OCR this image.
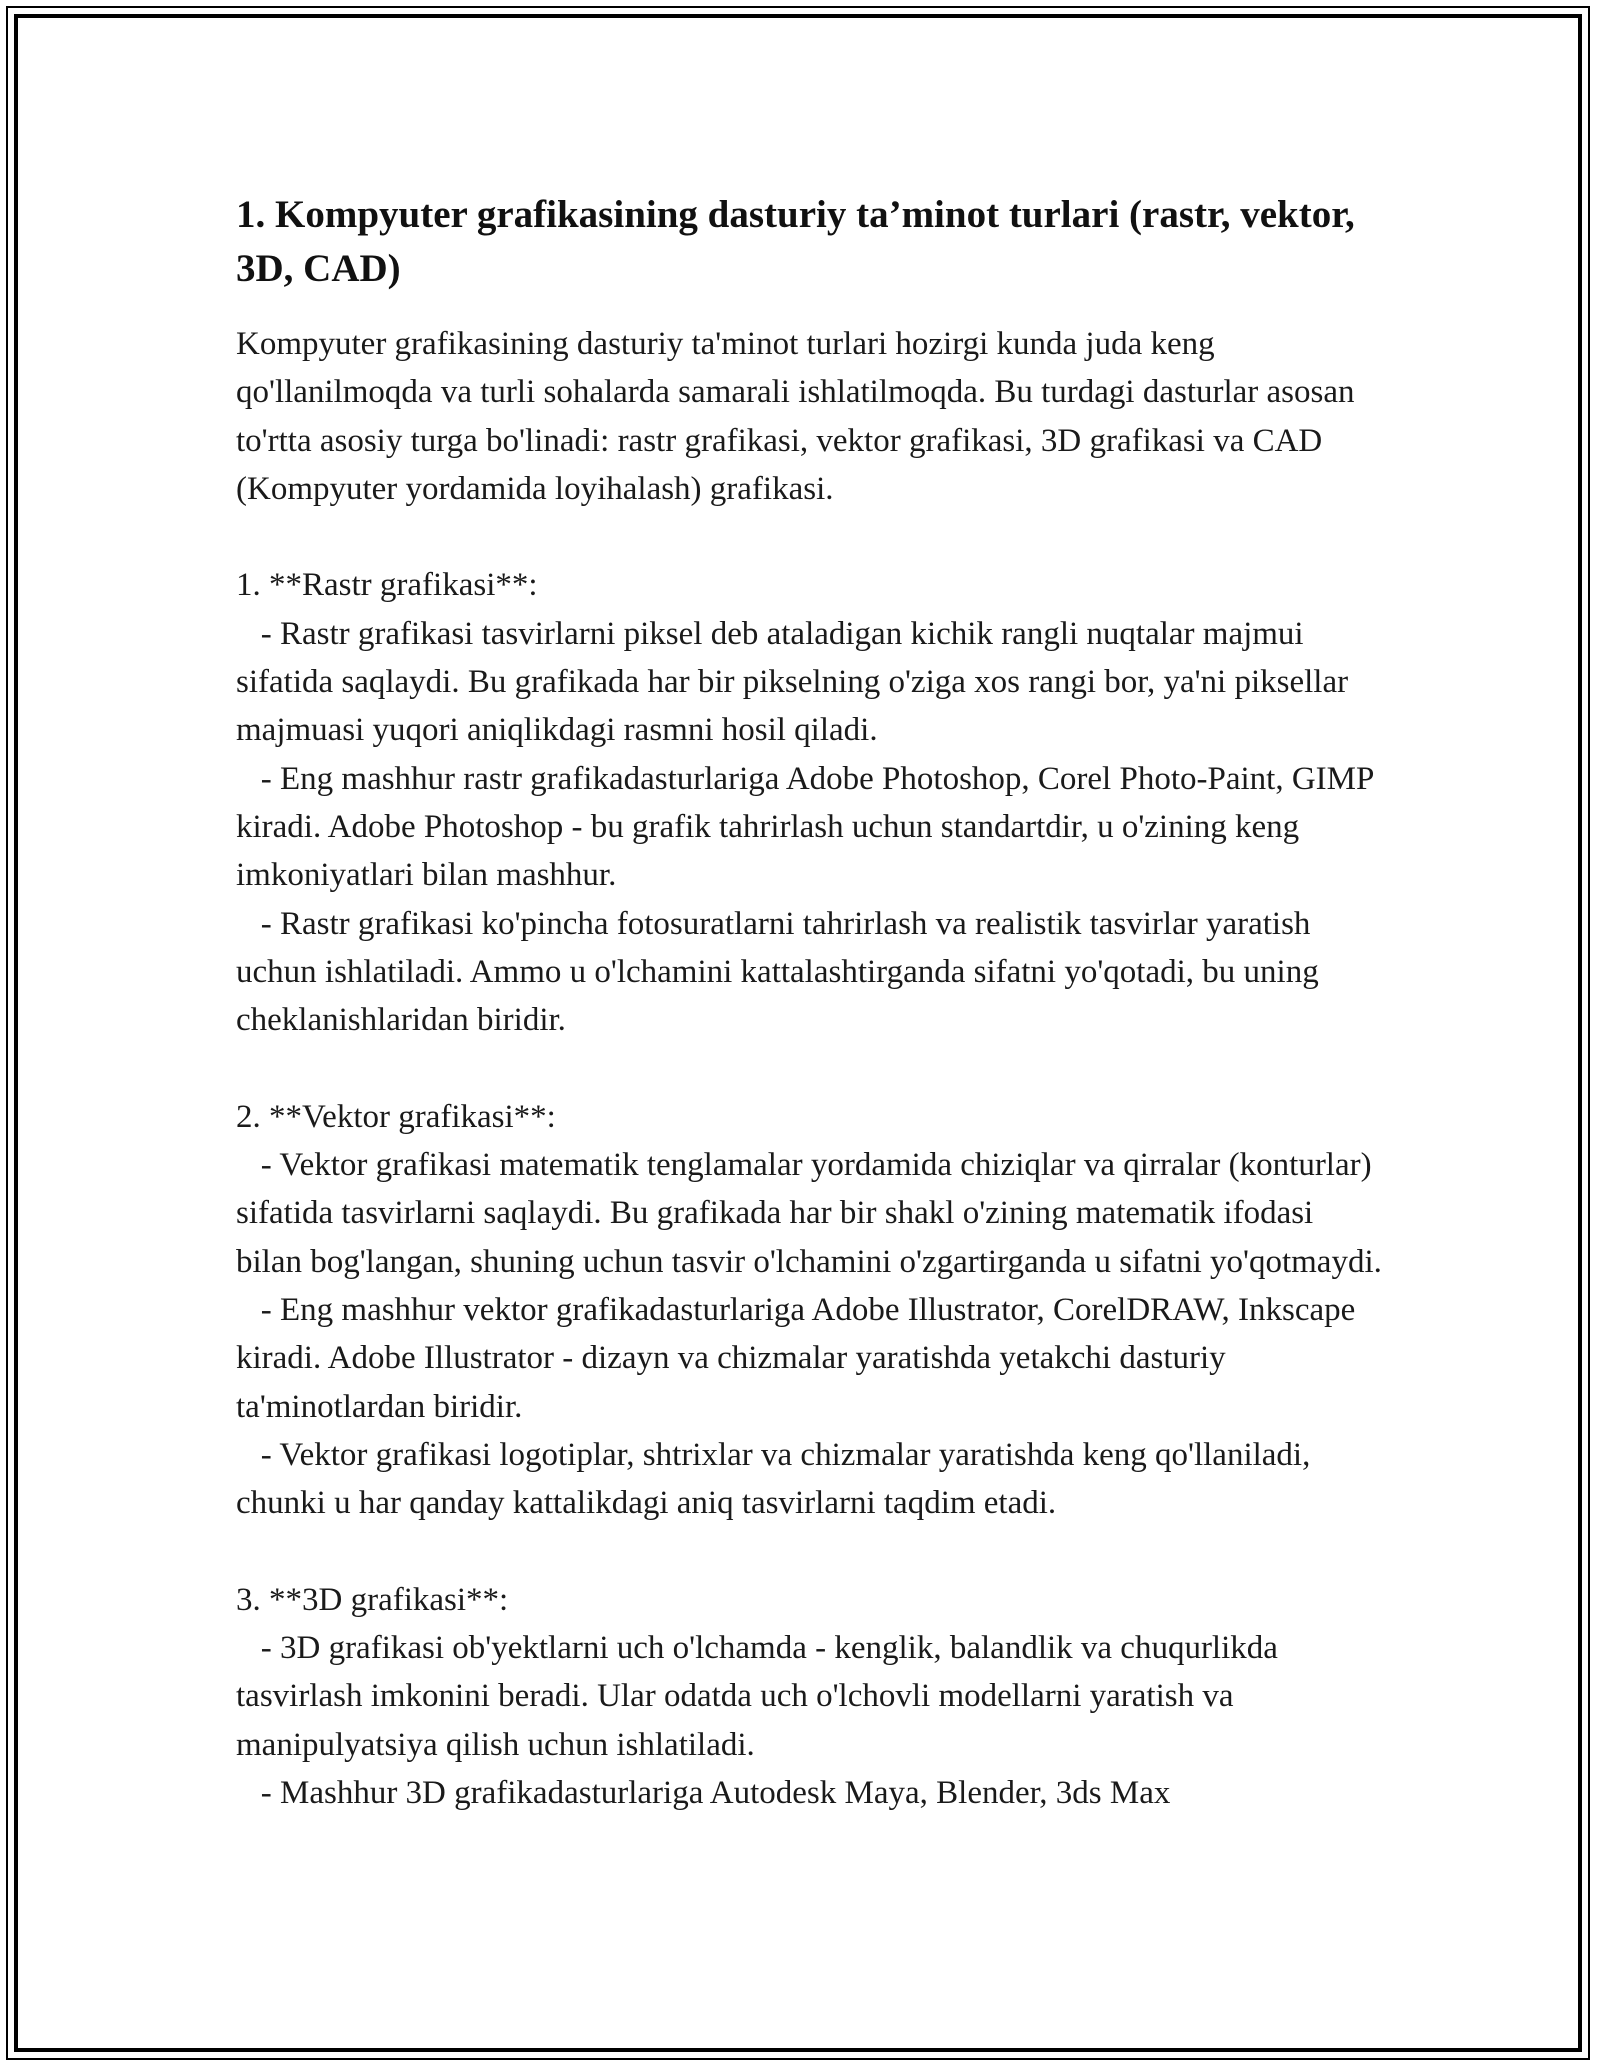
1. Kompyuter grafikasining dasturiy ta’minot turlari (rastr, vektor, 3D, CAD)
Kompyuter grafikasining dasturiy ta'minot turlari hozirgi kunda juda keng qo'llanilmoqda va turli sohalarda samarali ishlatilmoqda. Bu turdagi dasturlar asosan to'rtta asosiy turga bo'linadi: rastr grafikasi, vektor grafikasi, 3D grafikasi va CAD (Kompyuter yordamida loyihalash) grafikasi.

1. **Rastr grafikasi**:
- Rastr grafikasi tasvirlarni piksel deb ataladigan kichik rangli nuqtalar majmui sifatida saqlaydi. Bu grafikada har bir pikselning o'ziga xos rangi bor, ya'ni piksellar majmuasi yuqori aniqlikdagi rasmni hosil qiladi.
- Eng mashhur rastr grafikadasturlariga Adobe Photoshop, Corel Photo-Paint, GIMP kiradi. Adobe Photoshop - bu grafik tahrirlash uchun standartdir, u o'zining keng imkoniyatlari bilan mashhur.
- Rastr grafikasi ko'pincha fotosuratlarni tahrirlash va realistik tasvirlar yaratish uchun ishlatiladi. Ammo u o'lchamini kattalashtirganda sifatni yo'qotadi, bu uning cheklanishlaridan biridir.

2. **Vektor grafikasi**:
- Vektor grafikasi matematik tenglamalar yordamida chiziqlar va qirralar (konturlar) sifatida tasvirlarni saqlaydi. Bu grafikada har bir shakl o'zining matematik ifodasi bilan bog'langan, shuning uchun tasvir o'lchamini o'zgartirganda u sifatni yo'qotmaydi.
- Eng mashhur vektor grafikadasturlariga Adobe Illustrator, CorelDRAW, Inkscape kiradi. Adobe Illustrator - dizayn va chizmalar yaratishda yetakchi dasturiy ta'minotlardan biridir.
- Vektor grafikasi logotiplar, shtrixlar va chizmalar yaratishda keng qo'llaniladi, chunki u har qanday kattalikdagi aniq tasvirlarni taqdim etadi.

3. **3D grafikasi**:
- 3D grafikasi ob'yektlarni uch o'lchamda - kenglik, balandlik va chuqurlikda tasvirlash imkonini beradi. Ular odatda uch o'lchovli modellarni yaratish va manipulyatsiya qilish uchun ishlatiladi.
- Mashhur 3D grafikadasturlariga Autodesk Maya, Blender, 3ds Max
